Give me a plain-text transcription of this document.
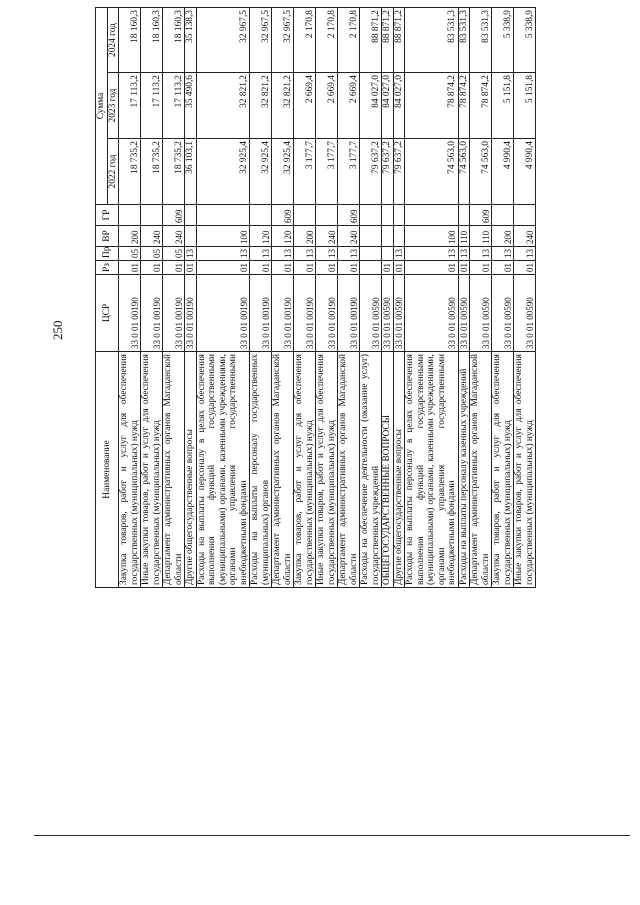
250
Наименование	ЦСР	Рз	Пр	ВР	ГР	Сумма		
						2022 год	2023 год	2024 год
Закупка товаров, работ и услуг для обеспечения государственных (муниципальных) нужд	33 0 01 00190	01	05	200		18 735,2	17 113,2	18 160,3
Иные закупки товаров, работ и услуг для обеспечения государственных (муниципальных) нужд	33 0 01 00190	01	05	240		18 735,2	17 113,2	18 160,3
Департамент административных органов Магаданской области	33 0 01 00190	01	05	240	609	18 735,2	17 113,2	18 160,3
Другие общегосударственные вопросы	33 0 01 00190	01	13			36 103,1	35 490,6	35 138,3
Расходы на выплаты персоналу в целях обеспечения выполнения функций государственными (муниципальными) органами, казенными учреждениями, органами управления государственными внебюджетными фондами	33 0 01 00190	01	13	100		32 925,4	32 821,2	32 967,5
Расходы на выплаты персоналу государственных (муниципальных) органов	33 0 01 00190	01	13	120		32 925,4	32 821,2	32 967,5
Департамент административных органов Магаданской области	33 0 01 00190	01	13	120	609	32 925,4	32 821,2	32 967,5
Закупка товаров, работ и услуг для обеспечения государственных (муниципальных) нужд	33 0 01 00190	01	13	200		3 177,7	2 669,4	2 170,8
Иные закупки товаров, работ и услуг для обеспечения государственных (муниципальных) нужд	33 0 01 00190	01	13	240		3 177,7	2 669,4	2 170,8
Департамент административных органов Магаданской области	33 0 01 00190	01	13	240	609	3 177,7	2 669,4	2 170,8
Расходы на обеспечение деятельности (оказание услуг) государственных учреждений	33 0 01 00590					79 637,2	84 027,0	88 871,2
ОБЩЕГОСУДАРСТВЕННЫЕ ВОПРОСЫ	33 0 01 00590	01				79 637,2	84 027,0	88 871,2
Другие общегосударственные вопросы	33 0 01 00590	01	13			79 637,2	84 027,0	88 871,2
Расходы на выплаты персоналу в целях обеспечения выполнения функций государственными (муниципальными) органами, казенными учреждениями, органами управления государственными внебюджетными фондами	33 0 01 00590	01	13	100		74 563,0	78 874,2	83 531,3
Расходы на выплаты персоналу казенных учреждений	33 0 01 00590	01	13	110		74 563,0	78 874,2	83 531,3
Департамент административных органов Магаданской области	33 0 01 00590	01	13	110	609	74 563,0	78 874,2	83 531,3
Закупка товаров, работ и услуг для обеспечения государственных (муниципальных) нужд	33 0 01 00590	01	13	200		4 990,4	5 151,8	5 338,9
Иные закупки товаров, работ и услуг для обеспечения государственных (муниципальных) нужд	33 0 01 00590	01	13	240		4 990,4	5 151,8	5 338,9
